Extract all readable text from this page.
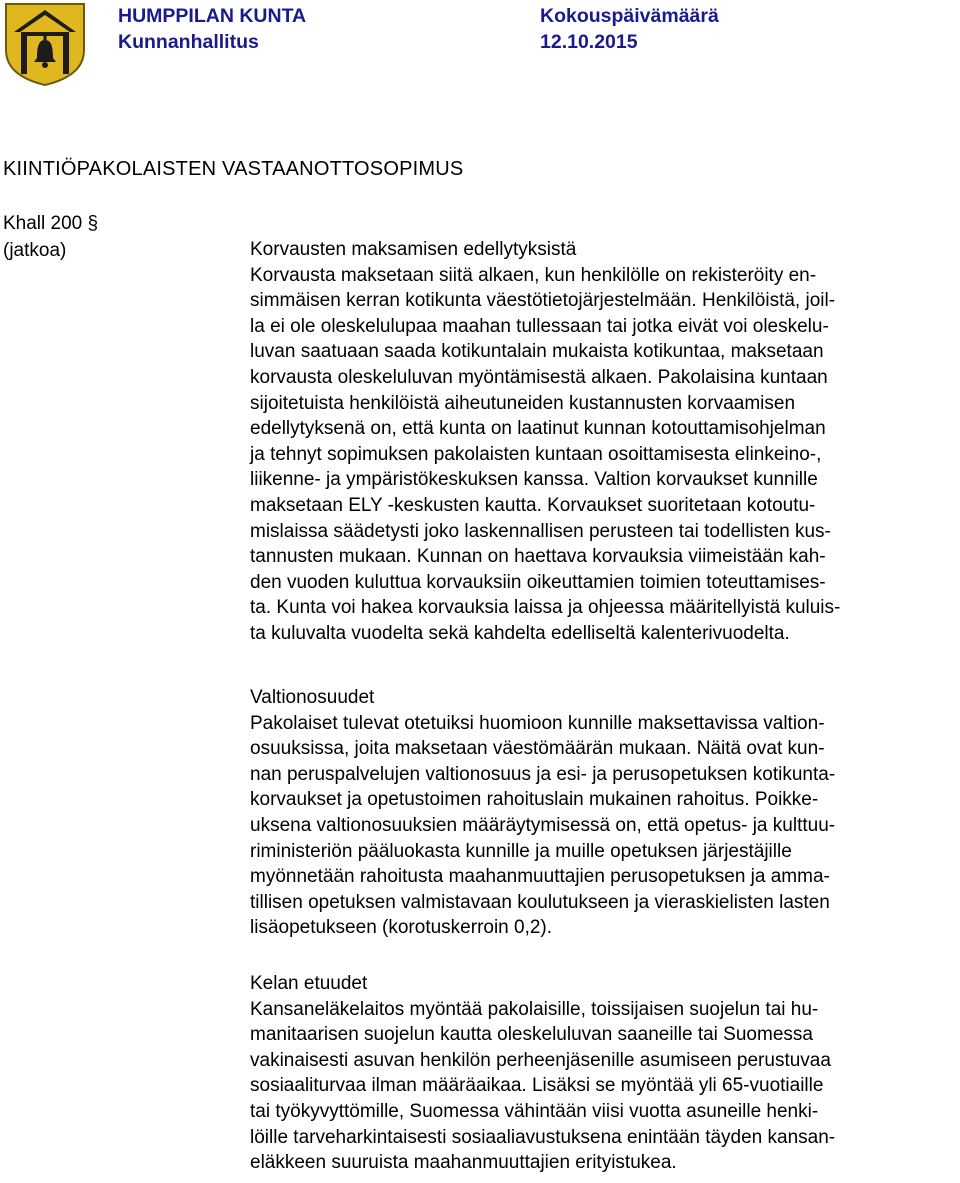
HUMPPILAN KUNTA
Kunnanhallitus
Kokouspäivämäärä
12.10.2015
KIINTIÖPAKOLAISTEN VASTAANOTTOSOPIMUS
Khall 200 §
(jatkoa)	Korvausten maksamisen edellytyksistä
Korvausta maksetaan siitä alkaen, kun henkilölle on rekisteröity en-
simmäisen kerran kotikunta väestötietojärjestelmään. Henkilöistä, joil-
la ei ole oleskelulupaa maahan tullessaan tai jotka eivät voi oleskelu-
luvan saatuaan saada kotikuntalain mukaista kotikuntaa, maksetaan
korvausta oleskeluluvan myöntämisestä alkaen. Pakolaisina kuntaan
sijoitetuista henkilöistä aiheutuneiden kustannusten korvaamisen
edellytyksenä on, että kunta on laatinut kunnan kotouttamisohjelman
ja tehnyt sopimuksen pakolaisten kuntaan osoittamisesta elinkeino-,
liikenne- ja ympäristökeskuksen kanssa. Valtion korvaukset kunnille
maksetaan ELY -keskusten kautta. Korvaukset suoritetaan kotoutu-
mislaissa säädetysti joko laskennallisen perusteen tai todellisten kus-
tannusten mukaan. Kunnan on haettava korvauksia viimeistään kah-
den vuoden kuluttua korvauksiin oikeuttamien toimien toteuttamises-
ta. Kunta voi hakea korvauksia laissa ja ohjeessa määritellyistä kuluis-
ta kuluvalta vuodelta sekä kahdelta edelliseltä kalenterivuodelta.
Valtionosuudet
Pakolaiset tulevat otetuiksi huomioon kunnille maksettavissa valtion-
osuuksissa, joita maksetaan väestömäärän mukaan. Näitä ovat kun-
nan peruspalvelujen valtionosuus ja esi- ja perusopetuksen kotikunta-
korvaukset ja opetustoimen rahoituslain mukainen rahoitus. Poikke-
uksena valtionosuuksien määräytymisessä on, että opetus- ja kulttuu-
riministeriön pääluokasta kunnille ja muille opetuksen järjestäjille
myönnetään rahoitusta maahanmuuttajien perusopetuksen ja amma-
tillisen opetuksen valmistavaan koulutukseen ja vieraskielisten lasten
lisäopetukseen (korotuskerroin 0,2).
Kelan etuudet
Kansaneläkelaitos myöntää pakolaisille, toissijaisen suojelun tai hu-
manitaarisen suojelun kautta oleskeluluvan saaneille tai Suomessa
vakinaisesti asuvan henkilön perheenjäsenille asumiseen perustuvaa
sosiaaliturvaa ilman määräaikaa. Lisäksi se myöntää yli 65-vuotiaille
tai työkyvyttömille, Suomessa vähintään viisi vuotta asuneille henki-
löille tarveharkintaisesti sosiaaliavustuksena enintään täyden kansan-
eläkkeen suuruista maahanmuuttajien erityistukea.
